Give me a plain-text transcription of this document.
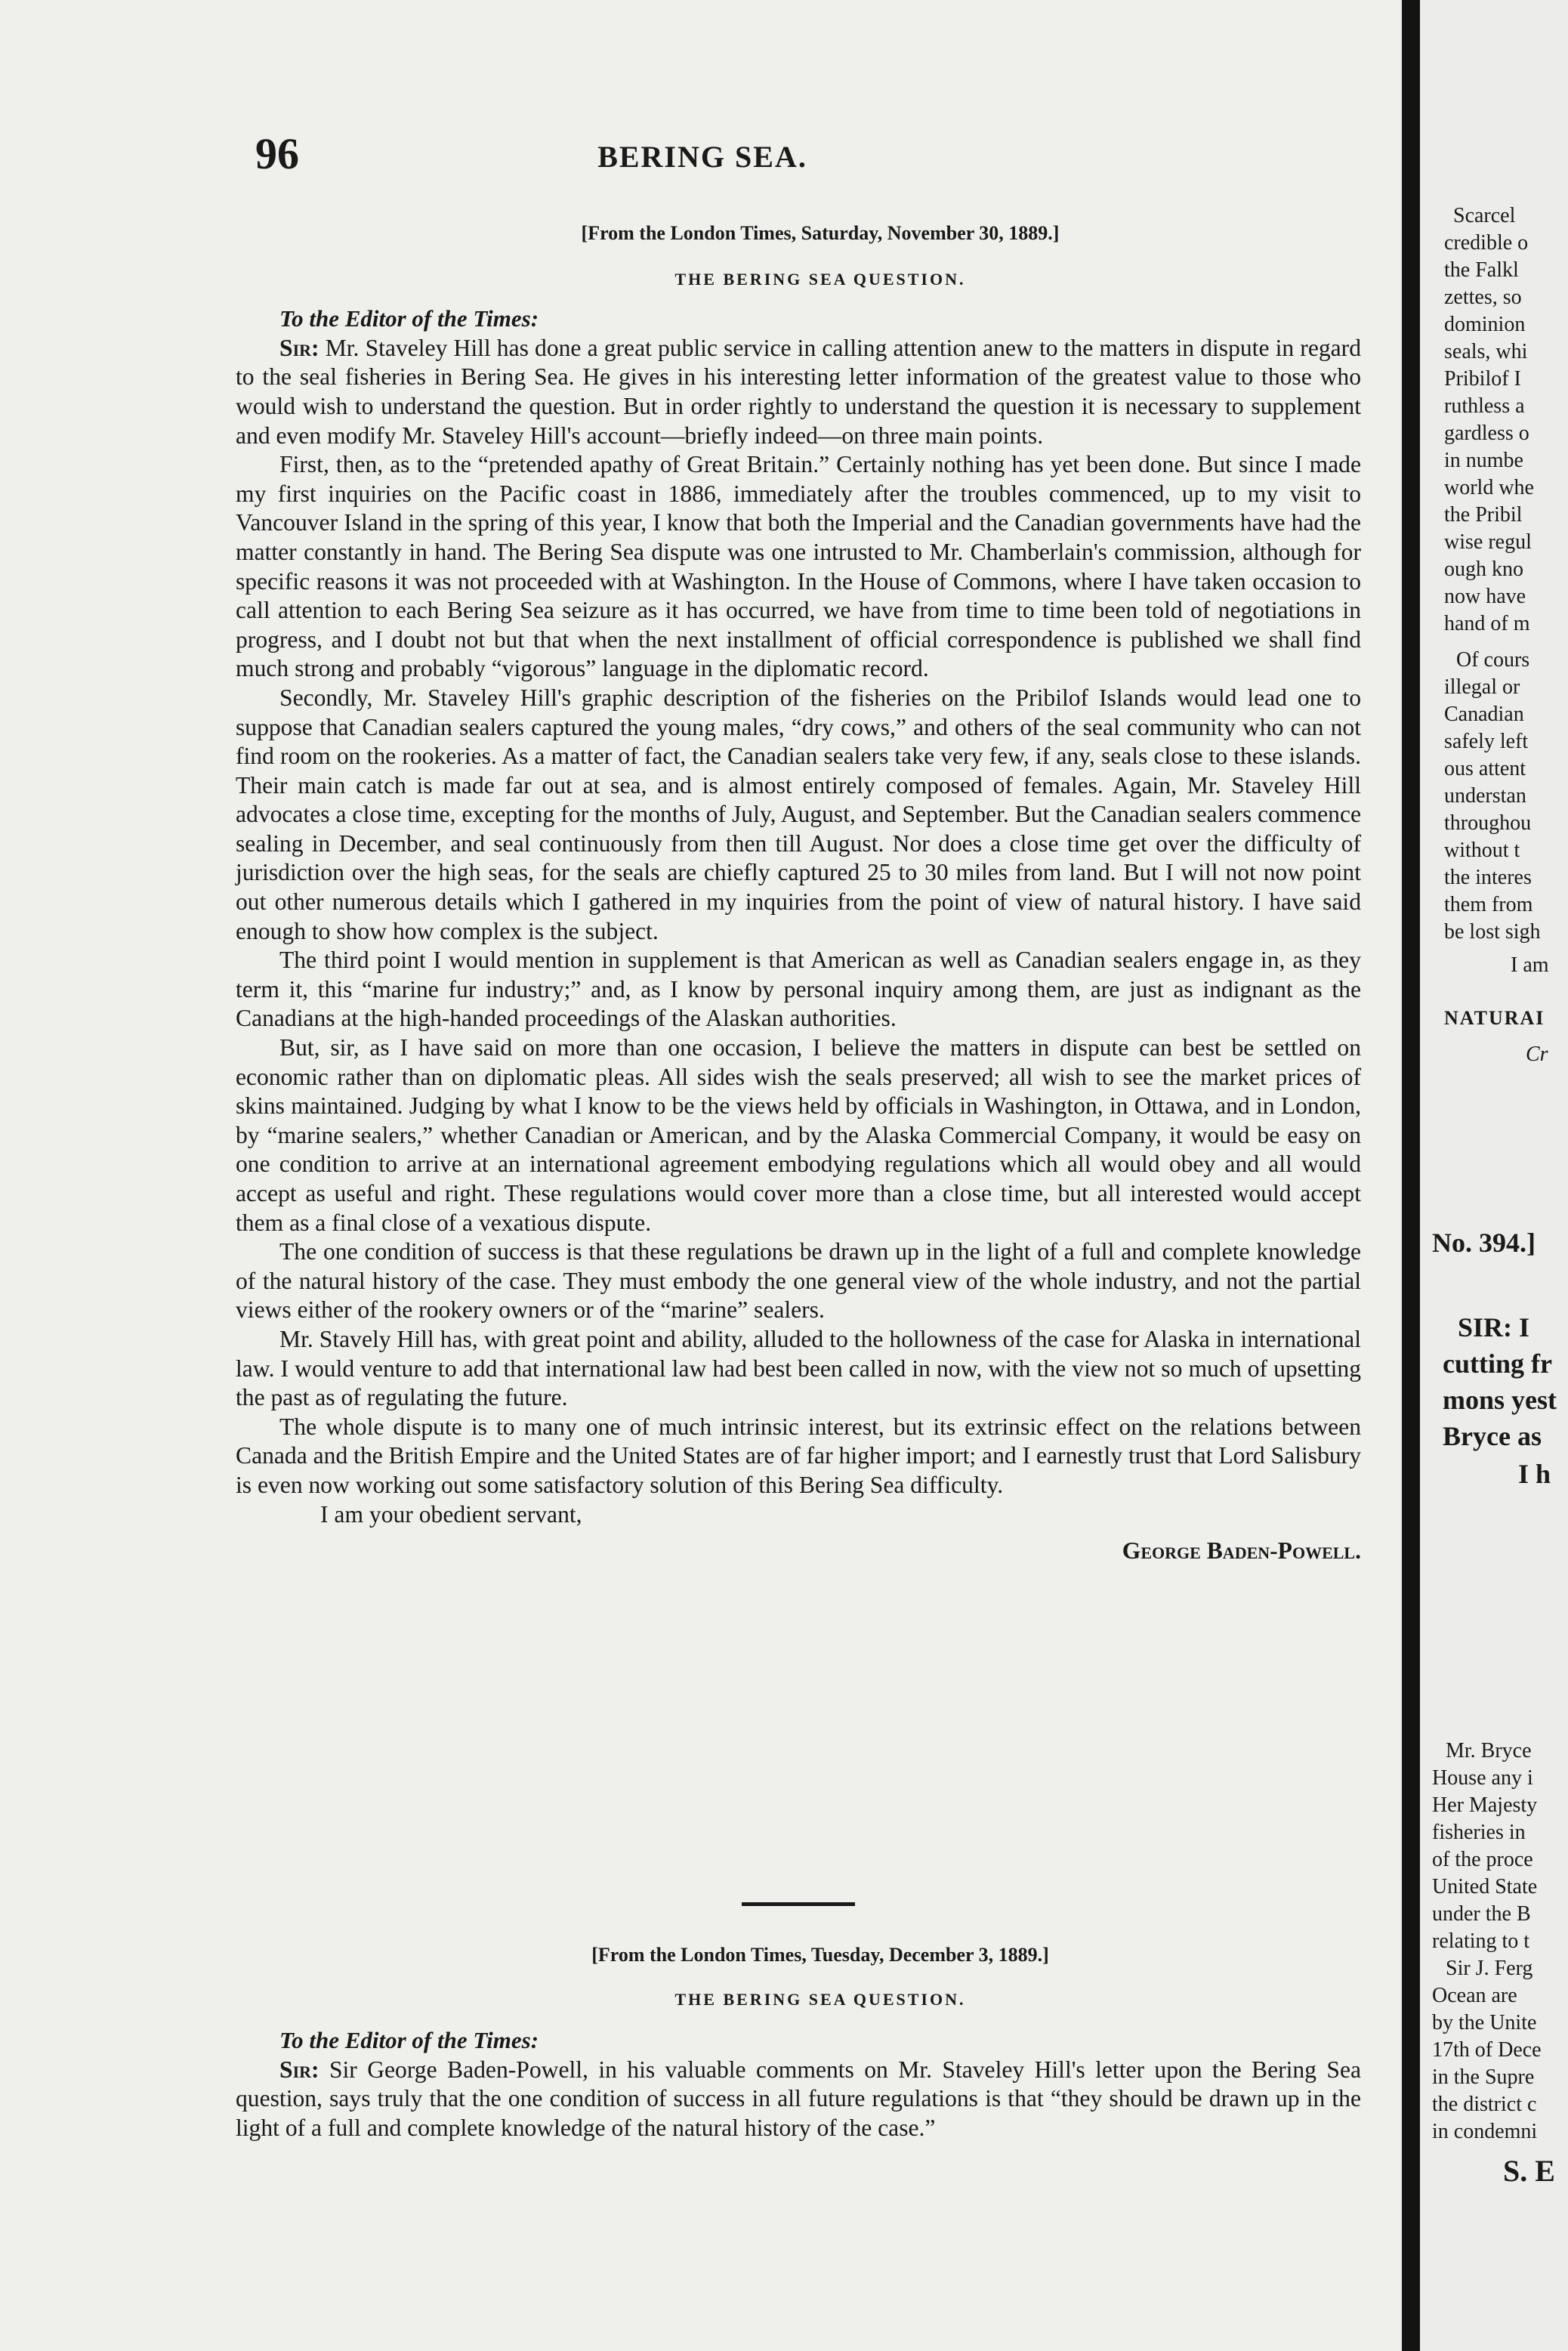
96	BERING SEA.

[From the London Times, Saturday, November 30, 1889.]

THE BERING SEA QUESTION.

To the Editor of the Times:

Sir: Mr. Staveley Hill has done a great public service in calling attention anew to the matters in dispute in regard to the seal fisheries in Bering Sea. He gives in his interesting letter information of the greatest value to those who would wish to understand the question. But in order rightly to understand the question it is necessary to supplement and even modify Mr. Staveley Hill's account—briefly indeed—on three main points.

First, then, as to the “pretended apathy of Great Britain.” Certainly nothing has yet been done. But since I made my first inquiries on the Pacific coast in 1886, immediately after the troubles commenced, up to my visit to Vancouver Island in the spring of this year, I know that both the Imperial and the Canadian governments have had the matter constantly in hand. The Bering Sea dispute was one intrusted to Mr. Chamberlain's commission, although for specific reasons it was not proceeded with at Washington. In the House of Commons, where I have taken occasion to call attention to each Bering Sea seizure as it has occurred, we have from time to time been told of negotiations in progress, and I doubt not but that when the next installment of official correspondence is published we shall find much strong and probably “vigorous” language in the diplomatic record.

Secondly, Mr. Staveley Hill's graphic description of the fisheries on the Pribilof Islands would lead one to suppose that Canadian sealers captured the young males, “dry cows,” and others of the seal community who can not find room on the rookeries. As a matter of fact, the Canadian sealers take very few, if any, seals close to these islands. Their main catch is made far out at sea, and is almost entirely composed of females. Again, Mr. Staveley Hill advocates a close time, excepting for the months of July, August, and September. But the Canadian sealers commence sealing in December, and seal continuously from then till August. Nor does a close time get over the difficulty of jurisdiction over the high seas, for the seals are chiefly captured 25 to 30 miles from land. But I will not now point out other numerous details which I gathered in my inquiries from the point of view of natural history. I have said enough to show how complex is the subject.

The third point I would mention in supplement is that American as well as Canadian sealers engage in, as they term it, this “marine fur industry;” and, as I know by personal inquiry among them, are just as indignant as the Canadians at the high-handed proceedings of the Alaskan authorities.

But, sir, as I have said on more than one occasion, I believe the matters in dispute can best be settled on economic rather than on diplomatic pleas. All sides wish the seals preserved; all wish to see the market prices of skins maintained. Judging by what I know to be the views held by officials in Washington, in Ottawa, and in London, by “marine sealers,” whether Canadian or American, and by the Alaska Commercial Company, it would be easy on one condition to arrive at an international agreement embodying regulations which all would obey and all would accept as useful and right. These regulations would cover more than a close time, but all interested would accept them as a final close of a vexatious dispute.

The one condition of success is that these regulations be drawn up in the light of a full and complete knowledge of the natural history of the case. They must embody the one general view of the whole industry, and not the partial views either of the rookery owners or of the “marine” sealers.

Mr. Stavely Hill has, with great point and ability, alluded to the hollowness of the case for Alaska in international law. I would venture to add that international law had best been called in now, with the view not so much of upsetting the past as of regulating the future.

The whole dispute is to many one of much intrinsic interest, but its extrinsic effect on the relations between Canada and the British Empire and the United States are of far higher import; and I earnestly trust that Lord Salisbury is even now working out some satisfactory solution of this Bering Sea difficulty.

I am your obedient servant,

George Baden-Powell.

[From the London Times, Tuesday, December 3, 1889.]

THE BERING SEA QUESTION.

To the Editor of the Times:

Sir: Sir George Baden-Powell, in his valuable comments on Mr. Staveley Hill's letter upon the Bering Sea question, says truly that the one condition of success in all future regulations is that “they should be drawn up in the light of a full and complete knowledge of the natural history of the case.”

Scarcel
credible o
the Falkl
zettes, so
dominion
seals, whi
Pribilof I
ruthless a
gardless o
in numbe
world whe
the Pribil
wise regul
ough kno
now have
hand of m
Of cours
illegal or
Canadian
safely left
ous attent
understan
throughou
without t
the interes
them from
be lost sigh
I am
NATURAI
Cr
No. 394.]
SIR: I
cutting fr
mons yest
Bryce as
I h
Mr. Bryce
House any i
Her Majesty
fisheries in
of the proce
United State
under the B
relating to t
Sir J. Ferg
Ocean are
by the Unite
17th of Dece
in the Supre
the district c
in condemni
S. E
